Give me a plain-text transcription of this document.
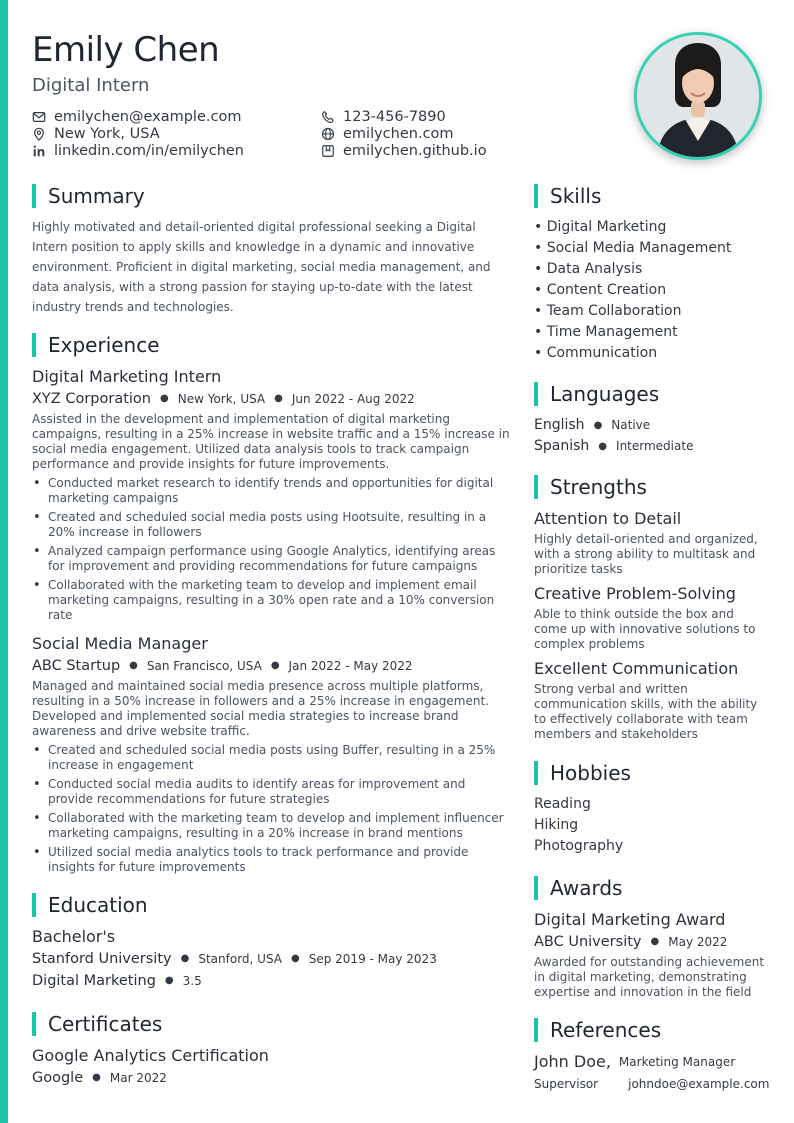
Emily Chen
Digital Intern
emilychen@example.com
New York, USA
linkedin.com/in/emilychen
123-456-7890
emilychen.com
emilychen.github.io
Summary
Highly motivated and detail-oriented digital professional seeking a Digital Intern position to apply skills and knowledge in a dynamic and innovative environment. Proficient in digital marketing, social media management, and data analysis, with a strong passion for staying up-to-date with the latest industry trends and technologies.
Experience
Digital Marketing Intern
XYZ Corporation ● New York, USA ● Jun 2022 - Aug 2022
Assisted in the development and implementation of digital marketing campaigns, resulting in a 25% increase in website traffic and a 15% increase in social media engagement. Utilized data analysis tools to track campaign performance and provide insights for future improvements.
• Conducted market research to identify trends and opportunities for digital marketing campaigns
• Created and scheduled social media posts using Hootsuite, resulting in a 20% increase in followers
• Analyzed campaign performance using Google Analytics, identifying areas for improvement and providing recommendations for future campaigns
• Collaborated with the marketing team to develop and implement email marketing campaigns, resulting in a 30% open rate and a 10% conversion rate
Social Media Manager
ABC Startup ● San Francisco, USA ● Jan 2022 - May 2022
Managed and maintained social media presence across multiple platforms, resulting in a 50% increase in followers and a 25% increase in engagement. Developed and implemented social media strategies to increase brand awareness and drive website traffic.
• Created and scheduled social media posts using Buffer, resulting in a 25% increase in engagement
• Conducted social media audits to identify areas for improvement and provide recommendations for future strategies
• Collaborated with the marketing team to develop and implement influencer marketing campaigns, resulting in a 20% increase in brand mentions
• Utilized social media analytics tools to track performance and provide insights for future improvements
Education
Bachelor's
Stanford University ● Stanford, USA ● Sep 2019 - May 2023
Digital Marketing ● 3.5
Certificates
Google Analytics Certification
Google ● Mar 2022
Skills
• Digital Marketing
• Social Media Management
• Data Analysis
• Content Creation
• Team Collaboration
• Time Management
• Communication
Languages
English ● Native
Spanish ● Intermediate
Strengths
Attention to Detail
Highly detail-oriented and organized, with a strong ability to multitask and prioritize tasks
Creative Problem-Solving
Able to think outside the box and come up with innovative solutions to complex problems
Excellent Communication
Strong verbal and written communication skills, with the ability to effectively collaborate with team members and stakeholders
Hobbies
Reading
Hiking
Photography
Awards
Digital Marketing Award
ABC University ● May 2022
Awarded for outstanding achievement in digital marketing, demonstrating expertise and innovation in the field
References
John Doe, Marketing Manager
Supervisor	johndoe@example.com
